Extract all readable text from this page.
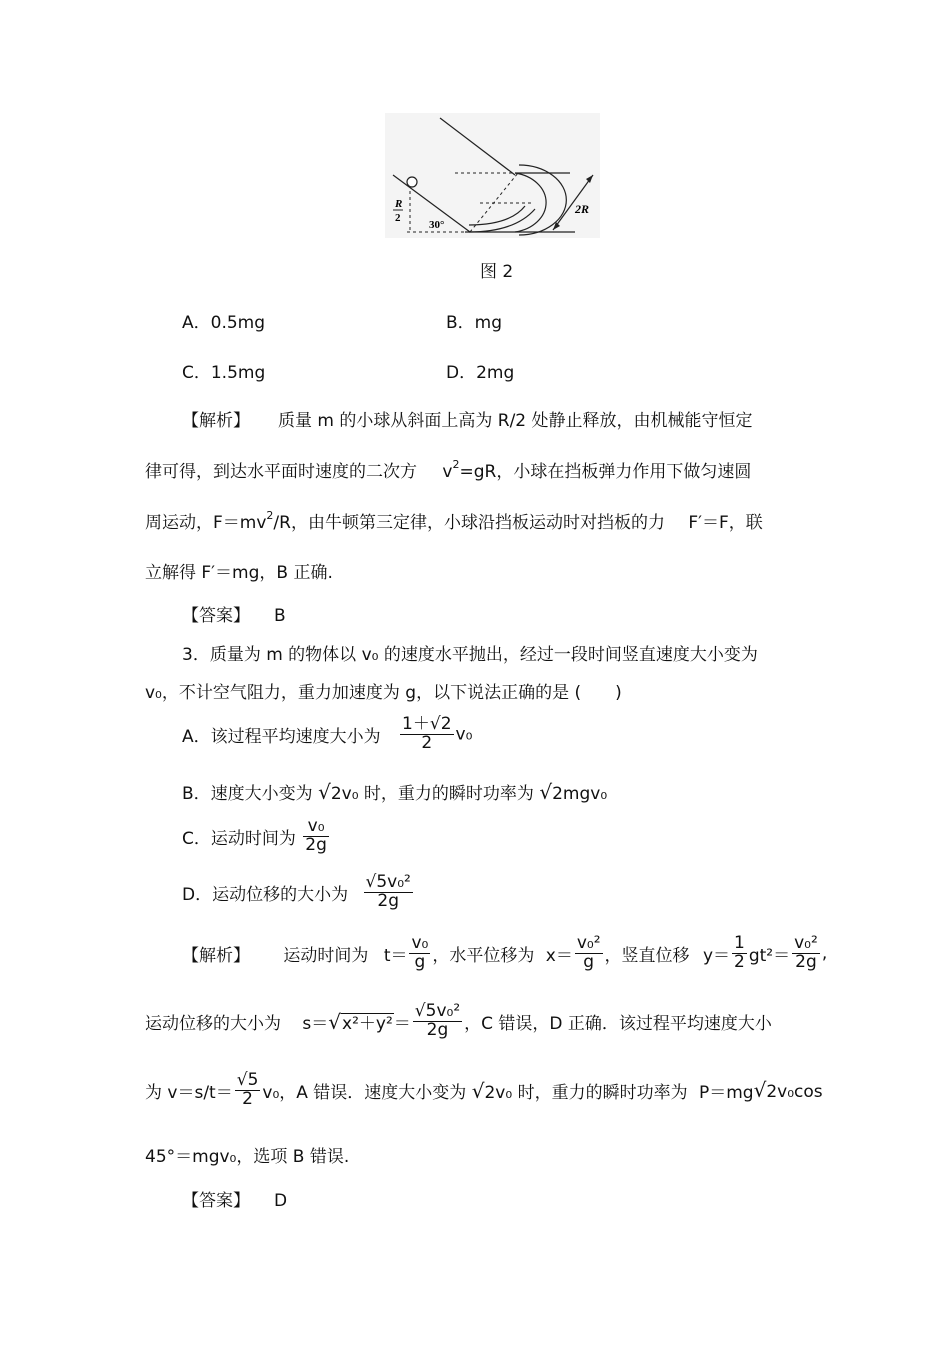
R
2
30°
2R
图 2
A．0.5mg	B．mg
C．1.5mg	D．2mg
【解析】 质量 m 的小球从斜面上高为 R/2 处静止释放，由机械能守恒定
律可得，到达水平面时速度的二次方 $v^2=gR$，小球在挡板弹力作用下做匀速圆
周运动，$F=mv^2/R$，由牛顿第三定律，小球沿挡板运动时对挡板的力 F′＝F，联
立解得 F′＝mg，B 正确.
【答案】 B
3．质量为 m 的物体以 v₀ 的速度水平抛出，经过一段时间竖直速度大小变为
v₀，不计空气阻力，重力加速度为 g，以下说法正确的是 (　　)
A．该过程平均速度大小为 $\frac{1+√2}{2} v_0$
B．速度大小变为 √2v₀ 时，重力的瞬时功率为 √2mgv₀
C．运动时间为 $\frac{\text{v₀}}{2g}$
D．运动位移的大小为 $\frac{\text{√5v₀²}}{2g}$
【解析】 运动时间为 $t= \frac{\text{v₀}}{g}$ ，水平位移为 $x= \frac{\text{v₀²}}{g}$ ，竖直位移 $y= \frac{1}{2} gt^2= \frac{\text{v₀²}}{2g}$ ,
运动位移的大小为 $s=√x^2+y^2= \frac{\text{√5v₀²}}{2g}$ ，C 错误，D 正确．该过程平均速度大小
为 $v=s/t= \frac{√5}{2} v_0$，A 错误．速度大小变为 √2v₀ 时，重力的瞬时功率为 P＝mg√2v₀cos
45°＝mgv₀，选项 B 错误.
【答案】 D
